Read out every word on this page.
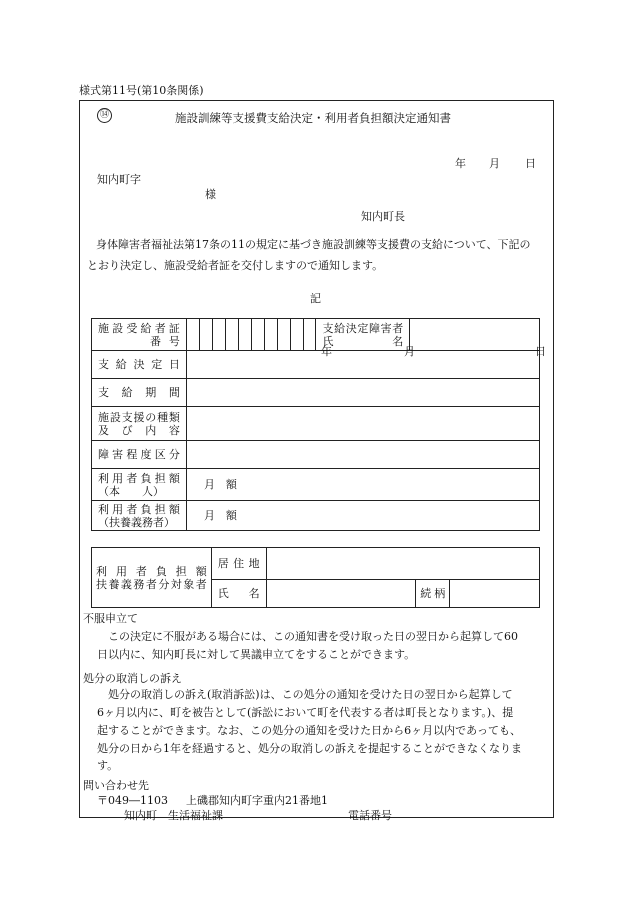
様式第11号(第10条関係)
⑭	施設訓練等支援費支給決定・利用者負担額決定通知書
年 月 日
知内町字
様
知内町長
身体障害者福祉法第17条の11の規定に基づき施設訓練等支援費の支給について、下記の
とおり決定し、施設受給者証を交付しますので通知します。
記
施設受給者証
番号											支給決定障害者
氏名	

支給決定日	年 月 日											

支給期間												

施設支援の種類
及び内容												

障害程度区分												

利用者負担額
（本　　人）	月　額											

利用者負担額
（扶養義務者）	月　額											
利用者負担額
扶養義務者分対象者	居住地			

	氏名		続柄	

不服申立て
この決定に不服がある場合には、この通知書を受け取った日の翌日から起算して60
日以内に、知内町長に対して異議申立てをすることができます。
処分の取消しの訴え
処分の取消しの訴え(取消訴訟)は、この処分の通知を受けた日の翌日から起算して
6ヶ月以内に、町を被告として(訴訟において町を代表する者は町長となります。)、提
起することができます。なお、この処分の通知を受けた日から6ヶ月以内であっても、
処分の日から1年を経過すると、処分の取消しの訴えを提起することができなくなりま
す。
問い合わせ先
〒049―1103 上磯郡知内町字重内21番地1
知内町　生活福祉課	電話番号
